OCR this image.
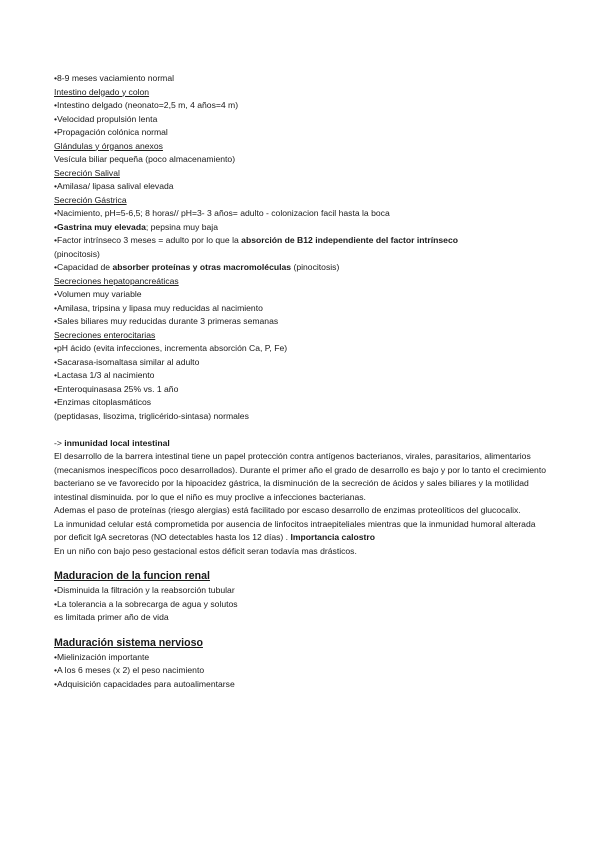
•8-9 meses vaciamiento normal
Intestino delgado y colon
•Intestino delgado (neonato=2,5 m, 4 años=4 m)
•Velocidad propulsión lenta
•Propagación colónica normal
Glándulas y órganos anexos
Vesícula biliar pequeña (poco almacenamiento)
Secreción Salival
•Amilasa/ lipasa salival elevada
Secreción Gástrica
•Nacimiento, pH=5-6,5; 8 horas// pH=3- 3 años= adulto - colonizacion facil hasta la boca
•Gastrina muy elevada; pepsina muy baja
•Factor intrínseco 3 meses = adulto por lo que la absorción de B12 independiente del factor intrínseco
(pinocitosis)
•Capacidad de absorber proteínas y otras macromoléculas (pinocitosis)
Secreciones hepatopancreáticas
•Volumen muy variable
•Amilasa, tripsina y lipasa muy reducidas al nacimiento
•Sales biliares muy reducidas durante 3 primeras semanas
Secreciones enterocitarias
•pH ácido (evita infecciones, incrementa absorción Ca, P, Fe)
•Sacarasa-isomaltasa similar al adulto
•Lactasa 1/3 al nacimiento
•Enteroquinasasa 25% vs. 1 año
•Enzimas citoplasmáticos
(peptidasas, lisozima, triglicérido-sintasa) normales
-> inmunidad local intestinal
El desarrollo de la barrera intestinal tiene un papel protección contra antígenos bacterianos, virales, parasitarios, alimentarios (mecanismos inespecíficos poco desarrollados). Durante el primer año el grado de desarrollo es bajo y por lo tanto el crecimiento bacteriano se ve favorecido por la hipoacidez gástrica, la disminución de la secreción de ácidos y sales biliares y la motilidad intestinal disminuida. por lo que el niño es muy proclive a infecciones bacterianas.
Ademas el paso de proteínas (riesgo alergias) está facilitado por escaso desarrollo de enzimas proteolíticos del glucocalix.
La inmunidad celular está comprometida por ausencia de linfocitos intraepiteliales mientras que la inmunidad humoral alterada por deficit IgA secretoras (NO detectables hasta los 12 días) . Importancia calostro
En un niño con bajo peso gestacional estos déficit seran todavía mas drásticos.
Maduracion de la funcion renal
•Disminuida la filtración y la reabsorción tubular
•La tolerancia a la sobrecarga de agua y solutos
es limitada primer año de vida
Maduración sistema nervioso
•Mielinización importante
•A los 6 meses (x 2) el peso nacimiento
•Adquisición capacidades para autoalimentarse
